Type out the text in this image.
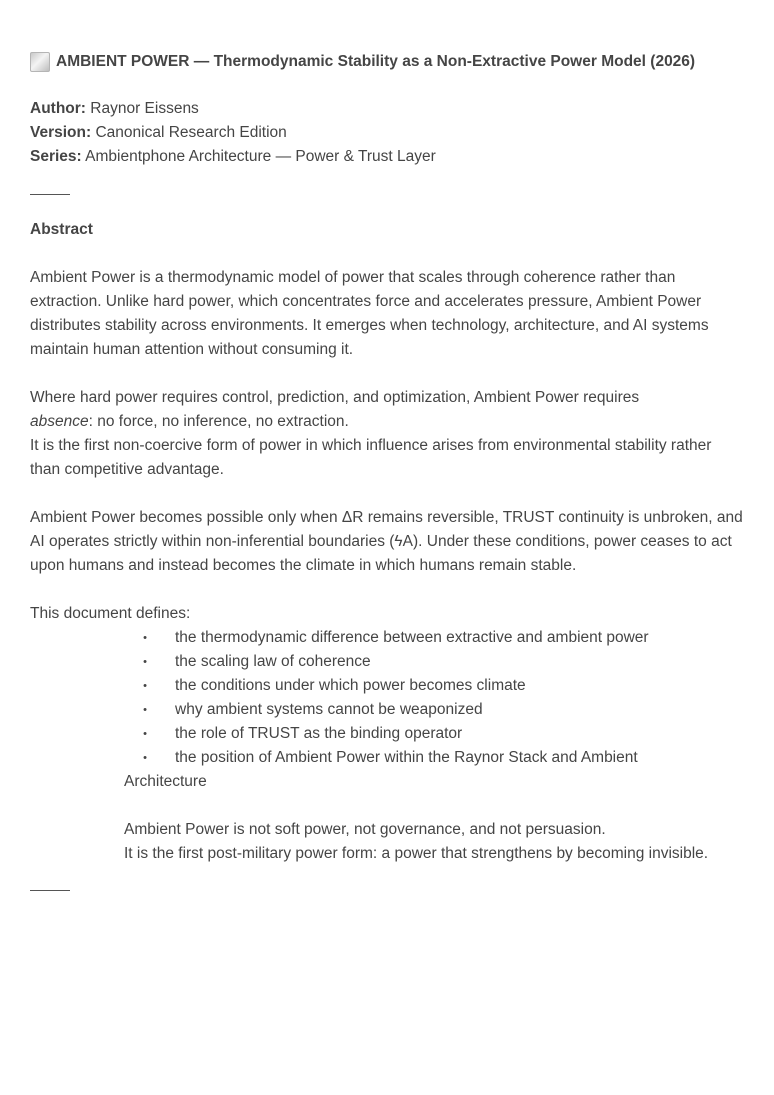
AMBIENT POWER — Thermodynamic Stability as a Non-Extractive Power Model (2026)
Author: Raynor Eissens
Version: Canonical Research Edition
Series: Ambientphone Architecture — Power & Trust Layer
Abstract

Ambient Power is a thermodynamic model of power that scales through coherence rather than extraction. Unlike hard power, which concentrates force and accelerates pressure, Ambient Power distributes stability across environments. It emerges when technology, architecture, and AI systems maintain human attention without consuming it.

Where hard power requires control, prediction, and optimization, Ambient Power requires
absence: no force, no inference, no extraction.

It is the first non-coercive form of power in which influence arises from environmental stability rather than competitive advantage.

Ambient Power becomes possible only when ΔR remains reversible, TRUST continuity is unbroken, and AI operates strictly within non-inferential boundaries (ϟA). Under these conditions, power ceases to act upon humans and instead becomes the climate in which humans remain stable.

This document defines:

• the thermodynamic difference between extractive and ambient power
• the scaling law of coherence
• the conditions under which power becomes climate
• why ambient systems cannot be weaponized
• the role of TRUST as the binding operator
• the position of Ambient Power within the Raynor Stack and Ambient
Architecture

Ambient Power is not soft power, not governance, and not persuasion.

It is the first post-military power form: a power that strengthens by becoming invisible.
